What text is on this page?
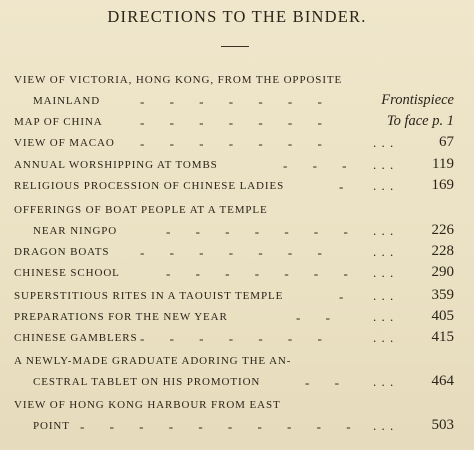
DIRECTIONS TO THE BINDER.
VIEW OF VICTORIA, HONG KONG, FROM THE OPPOSITE
MAINLAND	- - - - - - -	Frontispiece
MAP OF CHINA	- - - - - - -	To face p. 1
VIEW OF MACAO - - - - - - -	. . .	67
ANNUAL WORSHIPPING AT TOMBS	- - - . . .	119
RELIGIOUS PROCESSION OF CHINESE LADIES	- . . . 169
OFFERINGS OF BOAT PEOPLE AT A TEMPLE
NEAR NINGPO	- - - - - - - . . . 226
DRAGON BOATS - - - - - - -	. . . 228
CHINESE SCHOOL	- - - - - - - . . . 290
SUPERSTITIOUS RITES IN A TAOUIST TEMPLE	- . . . 359
PREPARATIONS FOR THE NEW YEAR	- -	. . . 405
CHINESE GAMBLERS - - - - - - -	. . . 415
A NEWLY-MADE GRADUATE ADORING THE AN-
CESTRAL TABLET ON HIS PROMOTION	- -	. . . 464
VIEW OF HONG KONG HARBOUR FROM EAST
POINT - - - - - - - - - - . . . 503
